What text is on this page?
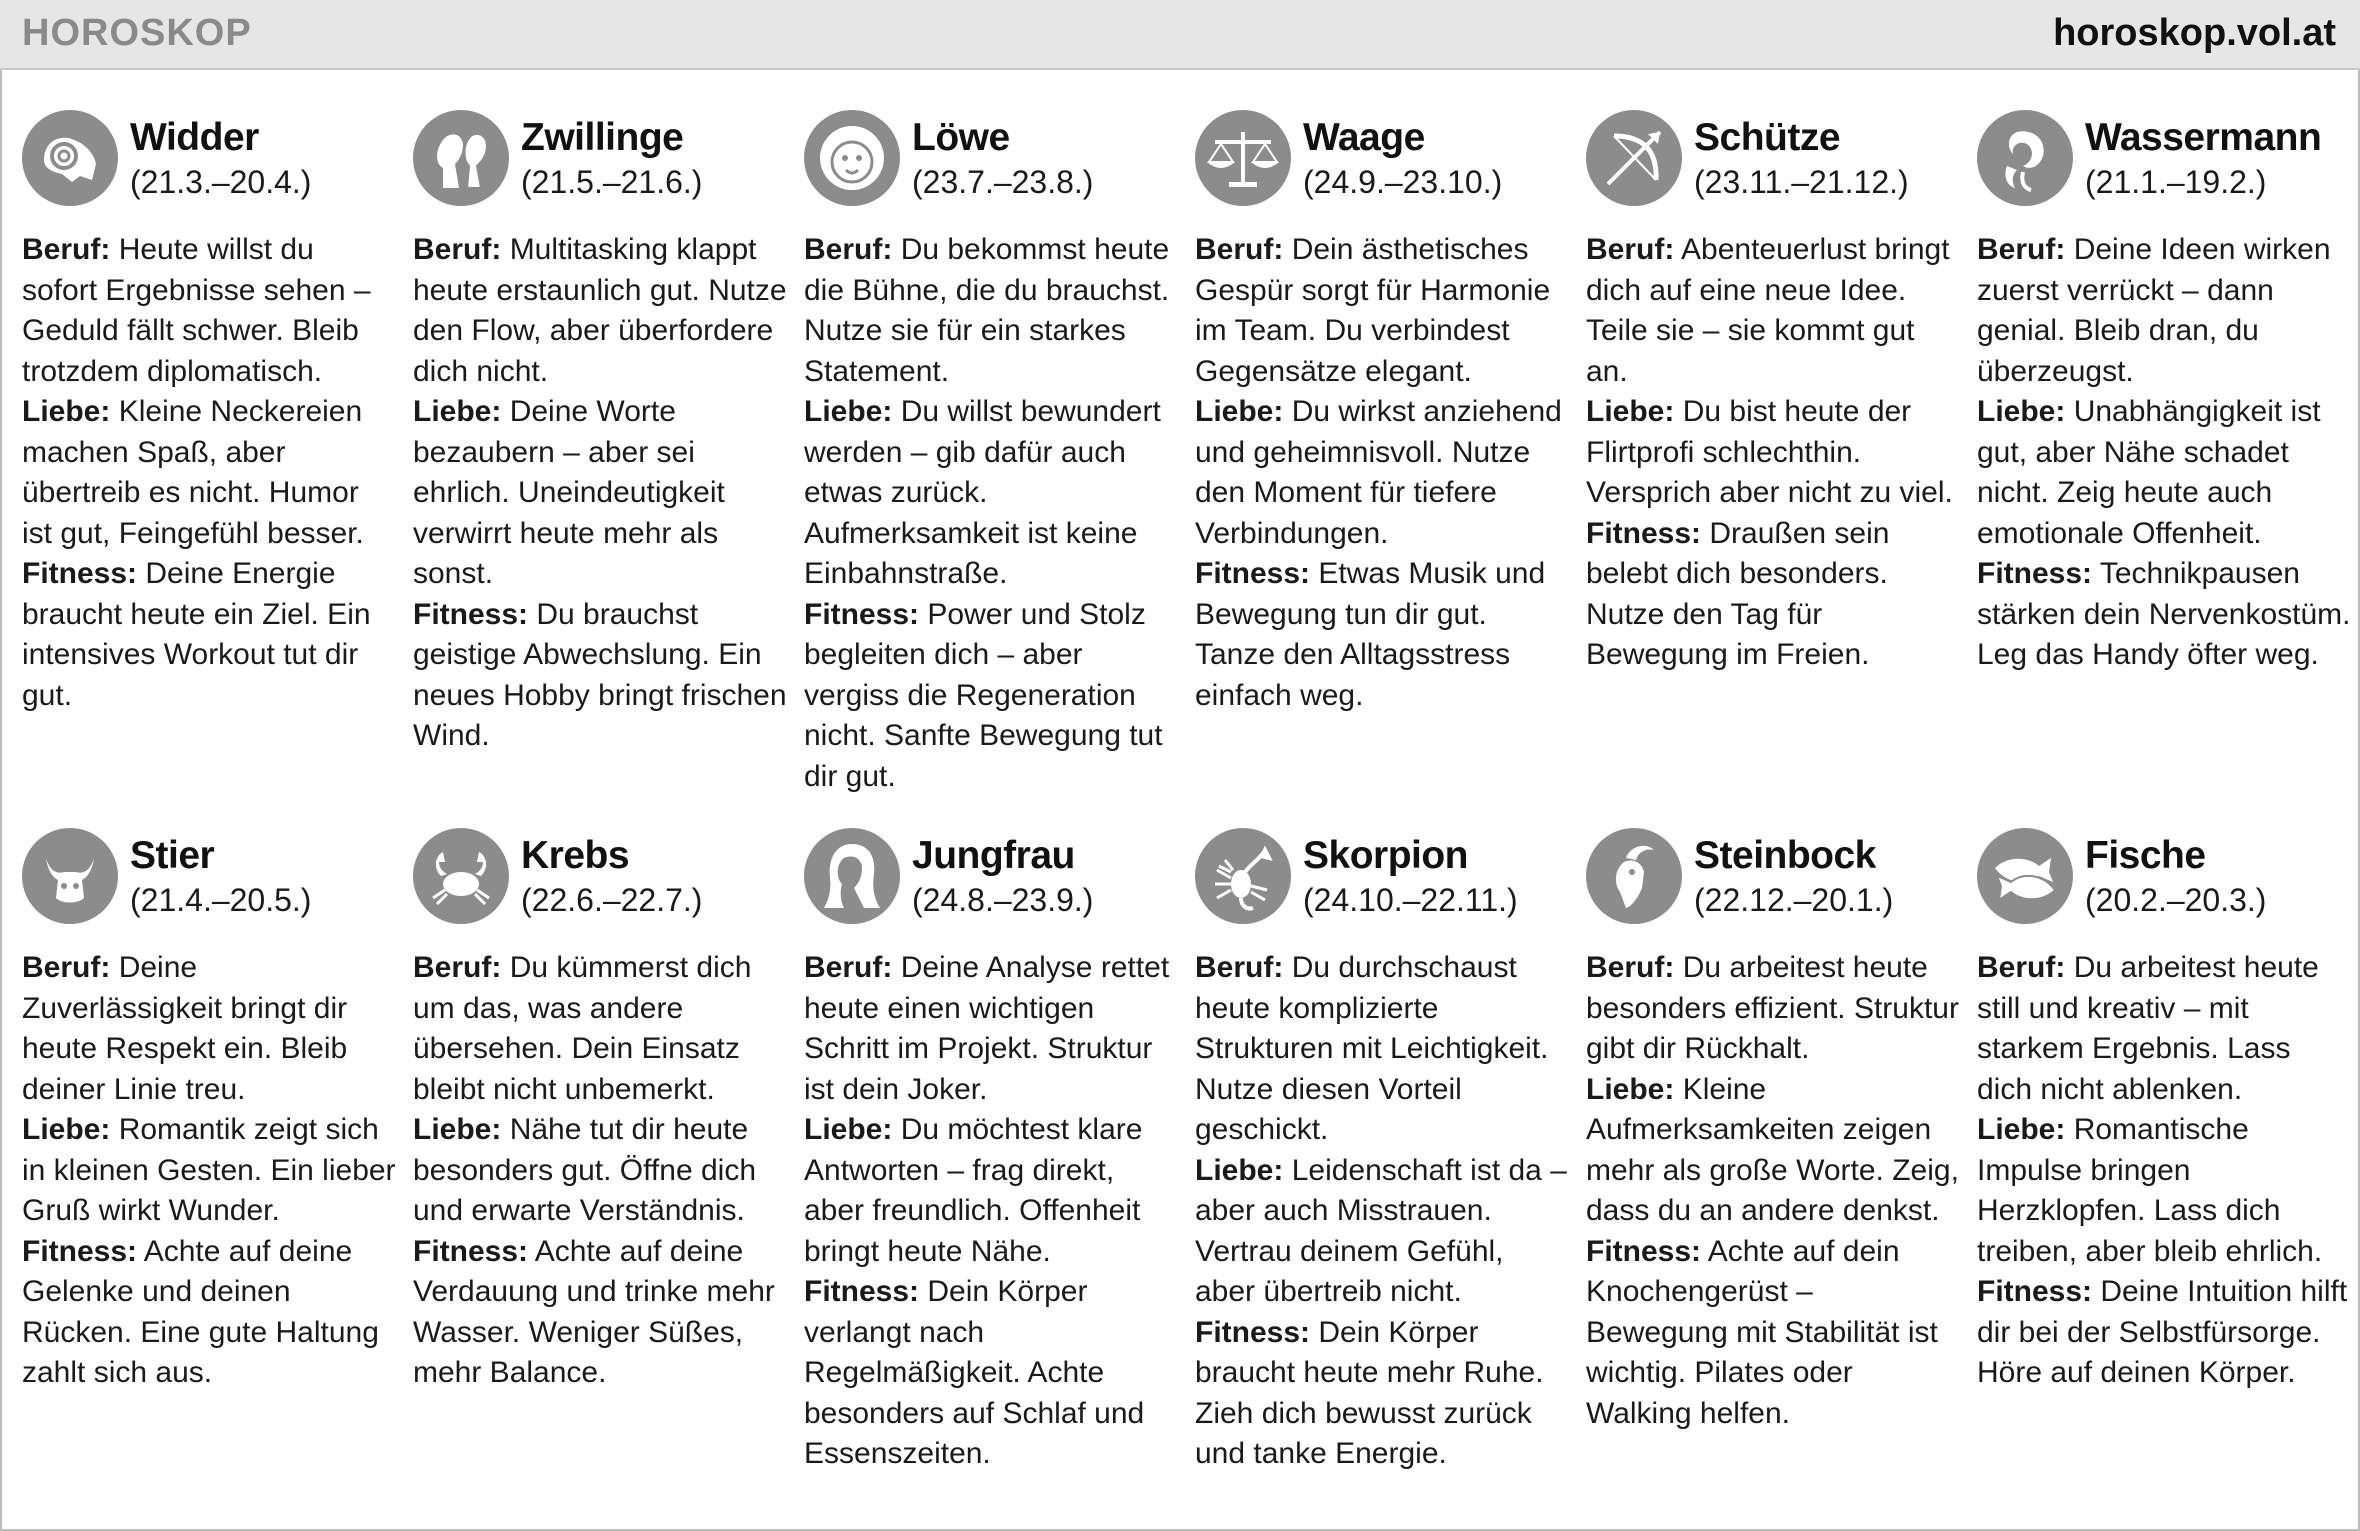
HOROSKOP	horoskop.vol.at
Widder
(21.3.–20.4.)

Beruf: Heute willst du sofort Ergebnisse sehen – Geduld fällt schwer. Bleib trotzdem diplomatisch.

Liebe: Kleine Neckereien machen Spaß, aber übertreib es nicht. Humor ist gut, Feingefühl besser.

Fitness: Deine Energie braucht heute ein Ziel. Ein intensives Workout tut dir gut.

Zwillinge
(21.5.–21.6.)

Beruf: Multitasking klappt heute erstaunlich gut. Nutze den Flow, aber überfordere dich nicht.

Liebe: Deine Worte bezaubern – aber sei ehrlich. Uneindeutigkeit verwirrt heute mehr als sonst.

Fitness: Du brauchst geistige Abwechslung. Ein neues Hobby bringt frischen Wind.

Löwe
(23.7.–23.8.)

Beruf: Du bekommst heute die Bühne, die du brauchst. Nutze sie für ein starkes Statement.

Liebe: Du willst bewundert werden – gib dafür auch etwas zurück. Aufmerksamkeit ist keine Einbahnstraße.

Fitness: Power und Stolz begleiten dich – aber vergiss die Regeneration nicht. Sanfte Bewegung tut dir gut.

Waage
(24.9.–23.10.)

Beruf: Dein ästhetisches Gespür sorgt für Harmonie im Team. Du verbindest Gegensätze elegant.

Liebe: Du wirkst anziehend und geheimnisvoll. Nutze den Moment für tiefere Verbindungen.

Fitness: Etwas Musik und Bewegung tun dir gut. Tanze den Alltagsstress einfach weg.

Schütze
(23.11.–21.12.)

Beruf: Abenteuerlust bringt dich auf eine neue Idee. Teile sie – sie kommt gut an.

Liebe: Du bist heute der Flirtprofi schlechthin. Versprich aber nicht zu viel.

Fitness: Draußen sein belebt dich besonders. Nutze den Tag für Bewegung im Freien.

Wassermann
(21.1.–19.2.)

Beruf: Deine Ideen wirken zuerst verrückt – dann genial. Bleib dran, du überzeugst.

Liebe: Unabhängigkeit ist gut, aber Nähe schadet nicht. Zeig heute auch emotionale Offenheit.

Fitness: Technikpausen stärken dein Nervenkostüm. Leg das Handy öfter weg.

Stier
(21.4.–20.5.)

Beruf: Deine Zuverlässigkeit bringt dir heute Respekt ein. Bleib deiner Linie treu.

Liebe: Romantik zeigt sich in kleinen Gesten. Ein lieber Gruß wirkt Wunder.

Fitness: Achte auf deine Gelenke und deinen Rücken. Eine gute Haltung zahlt sich aus.

Krebs
(22.6.–22.7.)

Beruf: Du kümmerst dich um das, was andere übersehen. Dein Einsatz bleibt nicht unbemerkt.

Liebe: Nähe tut dir heute besonders gut. Öffne dich und erwarte Verständnis.

Fitness: Achte auf deine Verdauung und trinke mehr Wasser. Weniger Süßes, mehr Balance.

Jungfrau
(24.8.–23.9.)

Beruf: Deine Analyse rettet heute einen wichtigen Schritt im Projekt. Struktur ist dein Joker.

Liebe: Du möchtest klare Antworten – frag direkt, aber freundlich. Offenheit bringt heute Nähe.

Fitness: Dein Körper verlangt nach Regelmäßigkeit. Achte besonders auf Schlaf und Essenszeiten.

Skorpion
(24.10.–22.11.)

Beruf: Du durchschaust heute komplizierte Strukturen mit Leichtigkeit. Nutze diesen Vorteil geschickt.

Liebe: Leidenschaft ist da – aber auch Misstrauen. Vertrau deinem Gefühl, aber übertreib nicht.

Fitness: Dein Körper braucht heute mehr Ruhe. Zieh dich bewusst zurück und tanke Energie.

Steinbock
(22.12.–20.1.)

Beruf: Du arbeitest heute besonders effizient. Struktur gibt dir Rückhalt.

Liebe: Kleine Aufmerksamkeiten zeigen mehr als große Worte. Zeig, dass du an andere denkst.

Fitness: Achte auf dein Knochengerüst – Bewegung mit Stabilität ist wichtig. Pilates oder Walking helfen.

Fische
(20.2.–20.3.)

Beruf: Du arbeitest heute still und kreativ – mit starkem Ergebnis. Lass dich nicht ablenken.

Liebe: Romantische Impulse bringen Herzklopfen. Lass dich treiben, aber bleib ehrlich.

Fitness: Deine Intuition hilft dir bei der Selbstfürsorge. Höre auf deinen Körper.
